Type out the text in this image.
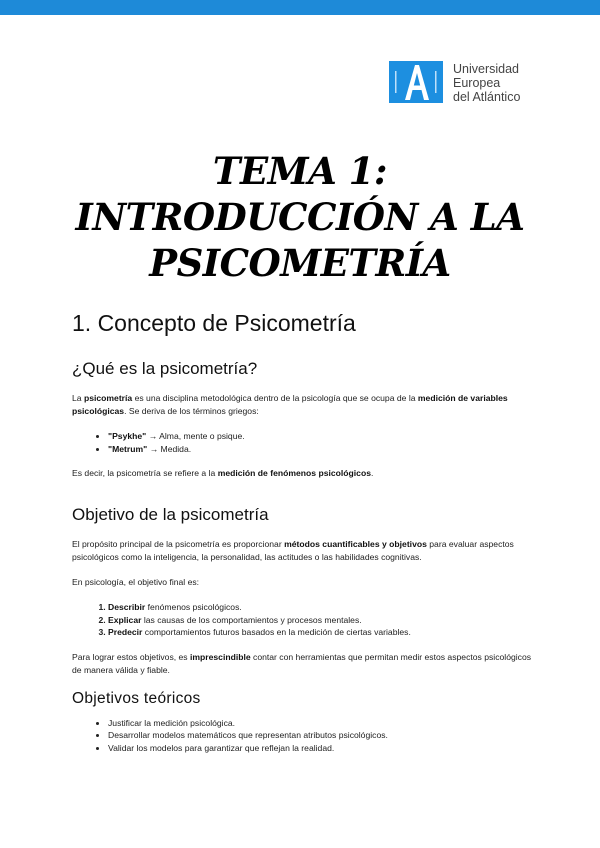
Universidad
Europea
del Atlántico
TEMA 1:
INTRODUCCIÓN A LA
PSICOMETRÍA
1. Concepto de Psicometría
¿Qué es la psicometría?

La psicometría es una disciplina metodológica dentro de la psicología que se ocupa de la medición de variables psicológicas. Se deriva de los términos griegos:

• "Psykhe" → Alma, mente o psique.
• "Metrum" → Medida.

Es decir, la psicometría se refiere a la medición de fenómenos psicológicos.

Objetivo de la psicometría

El propósito principal de la psicometría es proporcionar métodos cuantificables y objetivos para evaluar aspectos psicológicos como la inteligencia, la personalidad, las actitudes o las habilidades cognitivas.

En psicología, el objetivo final es:

1. Describir fenómenos psicológicos.
2. Explicar las causas de los comportamientos y procesos mentales.
3. Predecir comportamientos futuros basados en la medición de ciertas variables.

Para lograr estos objetivos, es imprescindible contar con herramientas que permitan medir estos aspectos psicológicos de manera válida y fiable.

Objetivos teóricos
• Justificar la medición psicológica.
• Desarrollar modelos matemáticos que representan atributos psicológicos.
• Validar los modelos para garantizar que reflejan la realidad.
